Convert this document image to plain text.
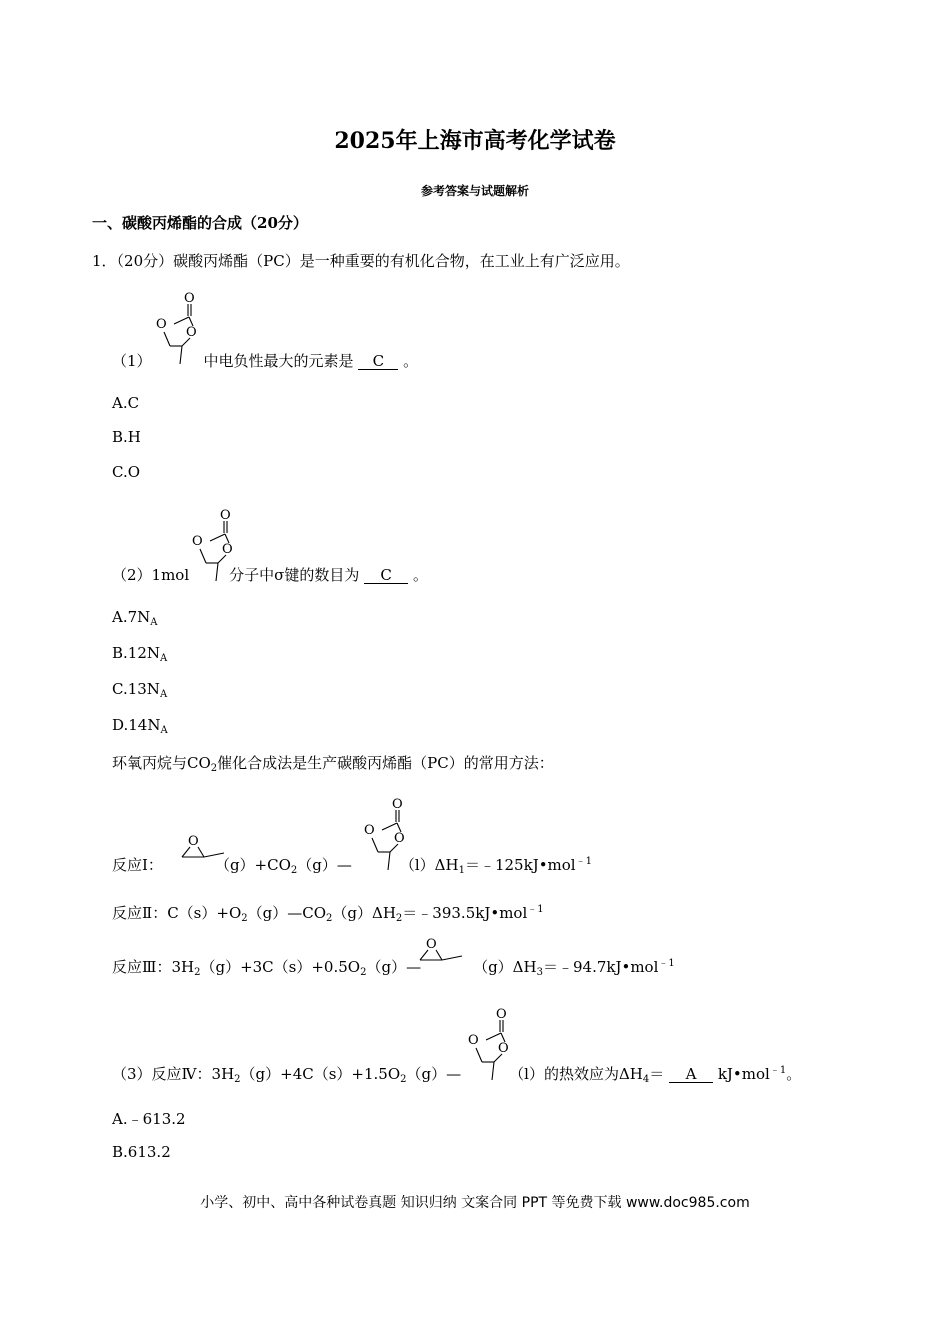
2025年上海市高考化学试卷
参考答案与试题解析
一、碳酸丙烯酯的合成（20分）
1．（20分）碳酸丙烯酯（PC）是一种重要的有机化合物，在工业上有广泛应用。
O
O
O
（1）	中电负性最大的元素是 C 。
A.C
B.H
C.O
O
O
O
（2）1mol	分子中σ键的数目为 C 。
$A.7N_A$
$B.12N_A$
$C.13N_A$
$D.14N_A$
环氧丙烷与$CO_2$催化合成法是生产碳酸丙烯酯（PC）的常用方法：
O
O
O
O
反应Ⅰ：	$(g)+CO_2(g)—$	$(l)\Delta H_1=﹣125kJ•mol^{﹣1}$
反应Ⅱ：$C(s)+O_2(g)—CO_2(g)\Delta H_2=﹣393.5kJ•mol^{﹣1}$
O
反应Ⅲ：$3H_2(g)+3C(s)+0.5O_2(g)—$	$(g)\Delta H_3=﹣94.7kJ•mol^{﹣1}$
O
O
O
（3）反应Ⅳ：$3H_2(g)+4C(s)+1.5O_2(g)—$	（l）的热效应为$\Delta H_4= A$ kJ•mol$^{﹣1}$。
A.﹣613.2
B.613.2
小学、初中、高中各种试卷真题 知识归纳 文案合同 PPT 等免费下载 www.doc985.com
